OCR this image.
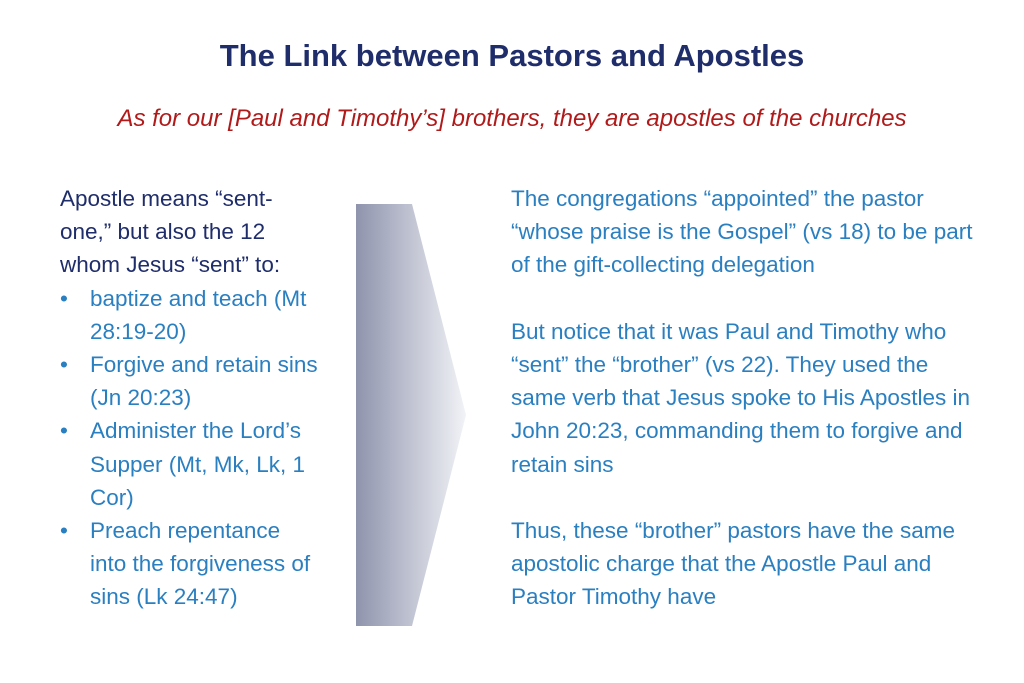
The Link between Pastors and Apostles
As for our [Paul and Timothy’s] brothers, they are apostles of the churches

Apostle means “sent-one,” but also the 12 whom Jesus “sent” to:

• baptize and teach (Mt 28:19-20)
• Forgive and retain sins (Jn 20:23)
• Administer the Lord’s Supper (Mt, Mk, Lk, 1 Cor)
• Preach repentance into the forgiveness of sins (Lk 24:47)

The congregations “appointed” the pastor “whose praise is the Gospel” (vs 18) to be part of the gift-collecting delegation

But notice that it was Paul and Timothy who “sent” the “brother” (vs 22). They used the same verb that Jesus spoke to His Apostles in John 20:23, commanding them to forgive and retain sins

Thus, these “brother” pastors have the same apostolic charge that the Apostle Paul and Pastor Timothy have
